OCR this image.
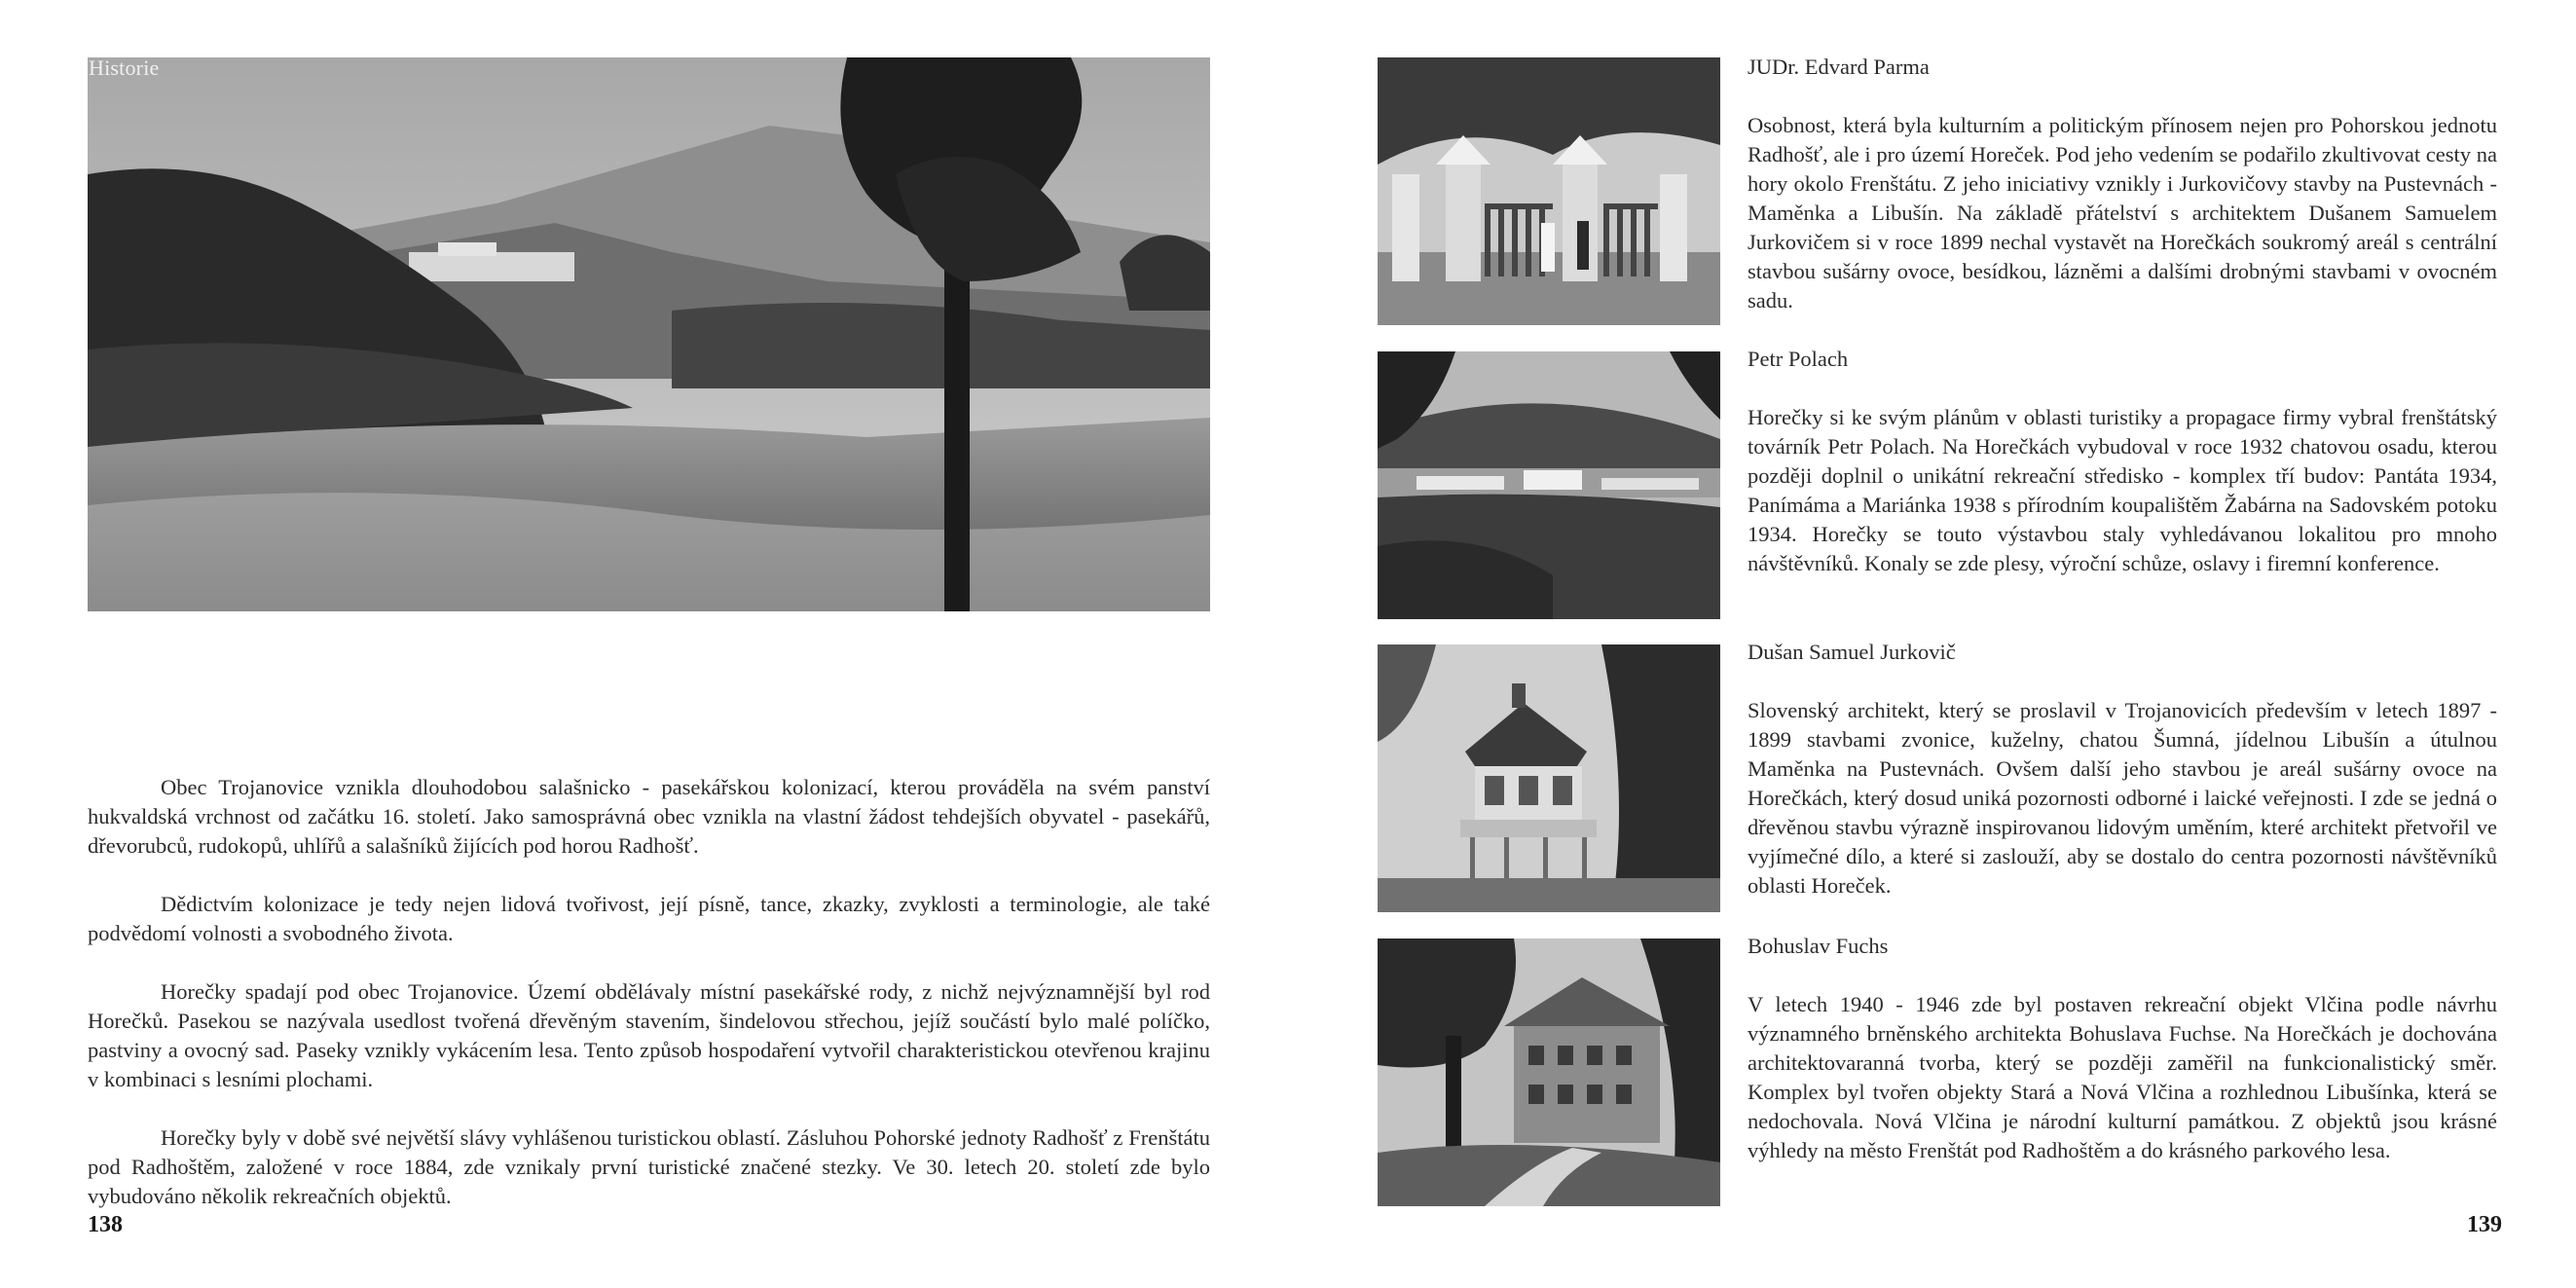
Historie

Obec Trojanovice vznikla dlouhodobou salašnicko - pasekářskou kolonizací, kterou prováděla na svém panství hukvaldská vrchnost od začátku 16. století. Jako samosprávná obec vznikla na vlastní žádost tehdejších obyvatel - pasekářů, dřevorubců, rudokopů, uhlířů a salašníků žijících pod horou Radhošť.

Dědictvím kolonizace je tedy nejen lidová tvořivost, její písně, tance, zkazky, zvyklosti a terminologie, ale také podvědomí volnosti a svobodného života.

Horečky spadají pod obec Trojanovice. Území obdělávaly místní pasekářské rody, z nichž nejvýznamnější byl rod Horečků. Pasekou se nazývala usedlost tvořená dřevěným stavením, šindelovou střechou, jejíž součástí bylo malé políčko, pastviny a ovocný sad. Paseky vznikly vykácením lesa. Tento způsob hospodaření vytvořil charakteristickou otevřenou krajinu v kombinaci s lesními plochami.

Horečky byly v době své největší slávy vyhlášenou turistickou oblastí. Zásluhou Pohorské jednoty Radhošť z Frenštátu pod Radhoštěm, založené v roce 1884, zde vznikaly první turistické značené stezky. Ve 30. letech 20. století zde bylo vybudováno několik rekreačních objektů.

138
JUDr. Edvard Parma
Osobnost, která byla kulturním a politickým přínosem nejen pro Pohorskou jednotu Radhošť, ale i pro území Horeček. Pod jeho vedením se podařilo zkultivovat cesty na hory okolo Frenštátu. Z jeho iniciativy vznikly i Jurkovičovy stavby na Pustevnách - Maměnka a Libušín. Na základě přátelství s architektem Dušanem Samuelem Jurkovičem si v roce 1899 nechal vystavět na Horečkách soukromý areál s centrální stavbou sušárny ovoce, besídkou, lázněmi a dalšími drobnými stavbami v ovocném sadu.
Petr Polach
Horečky si ke svým plánům v oblasti turistiky a propagace firmy vybral frenštátský továrník Petr Polach. Na Horečkách vybudoval v roce 1932 chatovou osadu, kterou později doplnil o unikátní rekreační středisko - komplex tří budov: Pantáta 1934, Panímáma a Mariánka 1938 s přírodním koupalištěm Žabárna na Sadovském potoku 1934. Horečky se touto výstavbou staly vyhledávanou lokalitou pro mnoho návštěvníků. Konaly se zde plesy, výroční schůze, oslavy i firemní konference.
Dušan Samuel Jurkovič
Slovenský architekt, který se proslavil v Trojanovicích především v letech 1897 - 1899 stavbami zvonice, kuželny, chatou Šumná, jídelnou Libušín a útulnou Maměnka na Pustevnách. Ovšem další jeho stavbou je areál sušárny ovoce na Horečkách, který dosud uniká pozornosti odborné i laické veřejnosti. I zde se jedná o dřevěnou stavbu výrazně inspirovanou lidovým uměním, které architekt přetvořil ve vyjímečné dílo, a které si zaslouží, aby se dostalo do centra pozornosti návštěvníků oblasti Horeček.
Bohuslav Fuchs
V letech 1940 - 1946 zde byl postaven rekreační objekt Vlčina podle návrhu významného brněnského architekta Bohuslava Fuchse. Na Horečkách je dochována architektovaranná tvorba, který se později zaměřil na funkcionalistický směr. Komplex byl tvořen objekty Stará a Nová Vlčina a rozhlednou Libušínka, která se nedochovala. Nová Vlčina je národní kulturní památkou. Z objektů jsou krásné výhledy na město Frenštát pod Radhoštěm a do krásného parkového lesa.
139
